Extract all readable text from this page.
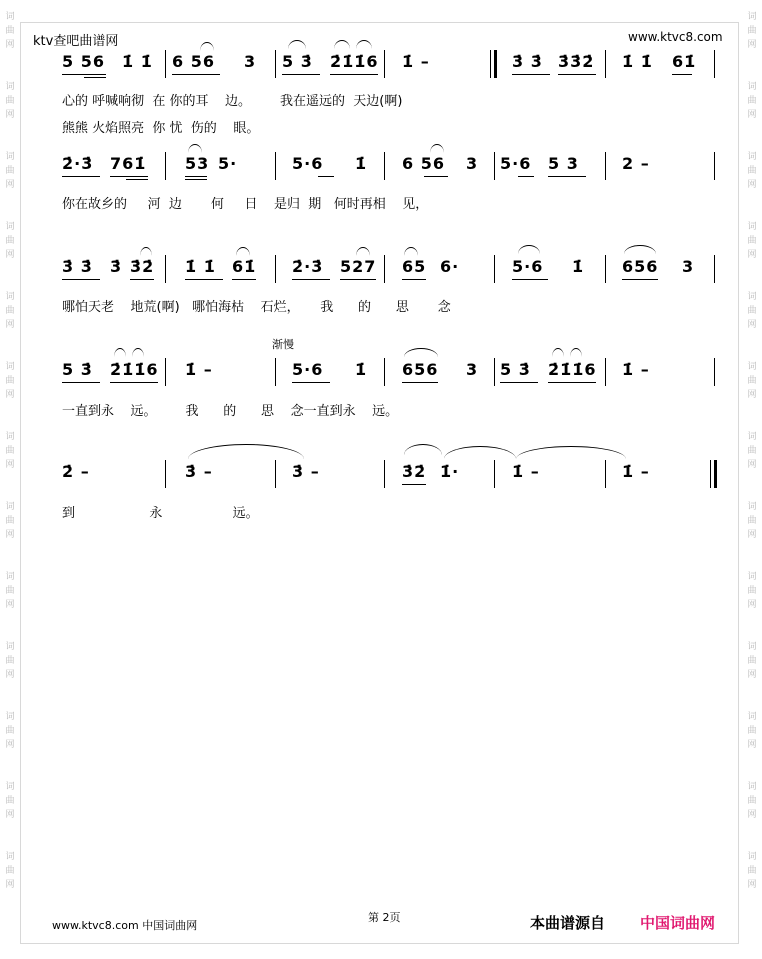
词
曲
网
词
曲
网
词
曲
网
词
曲
网
词
曲
网
词
曲
网
词
曲
网
词
曲
网
词
曲
网
词
曲
网
词
曲
网
词
曲
网
词
曲
网
词
曲
网
词
曲
网
词
曲
网
词
曲
网
词
曲
网
词
曲
网
词
曲
网
词
曲
网
词
曲
网
词
曲
网
词
曲
网
词
曲
网
词
曲
网
ktv查吧曲谱网	www.ktvc8.com
5 56 1̇ 1̇ 6 56 3 5 3̇ 2̇1̇1̇6 1̇ –	3̇ 3̇ 3̇3̇2̇ 1̇ 1̇ 61̇
心的 呼喊响彻  在 你的耳    边。       我在遥远的  天边(啊)
熊熊 火焰照亮  你 忧  伤的    眼。
2̇·3̇ 761̇ 53 5·	5·6 1̇ 6 56 3 5·6 5 3	2 –
你在故乡的     河  边       何     日    是归  期   何时再相    见，
3̇ 3̇ 3̇ 3̇2̇ 1̇ 1̇ 61̇ 2̇·3̇ 527 65 6·	5·6 1̇ 656 3
哪怕天老    地荒(啊)   哪怕海枯    石烂，     我      的      思       念
渐慢
5 3̇ 2̇1̇1̇6 1̇ –	5·6 1̇ 656 3 5 3̇ 2̇1̇1̇6 1̇ –
一直到永    远。       我      的      思    念一直到永    远。
2̇ –	3̇ –	3̇ –	3̇2̇ 1̇·	1̇ –	1̇ –
到                  永                 远。
www.ktvc8.com 中国词曲网
第 2页	本曲谱源自 中国词曲网
